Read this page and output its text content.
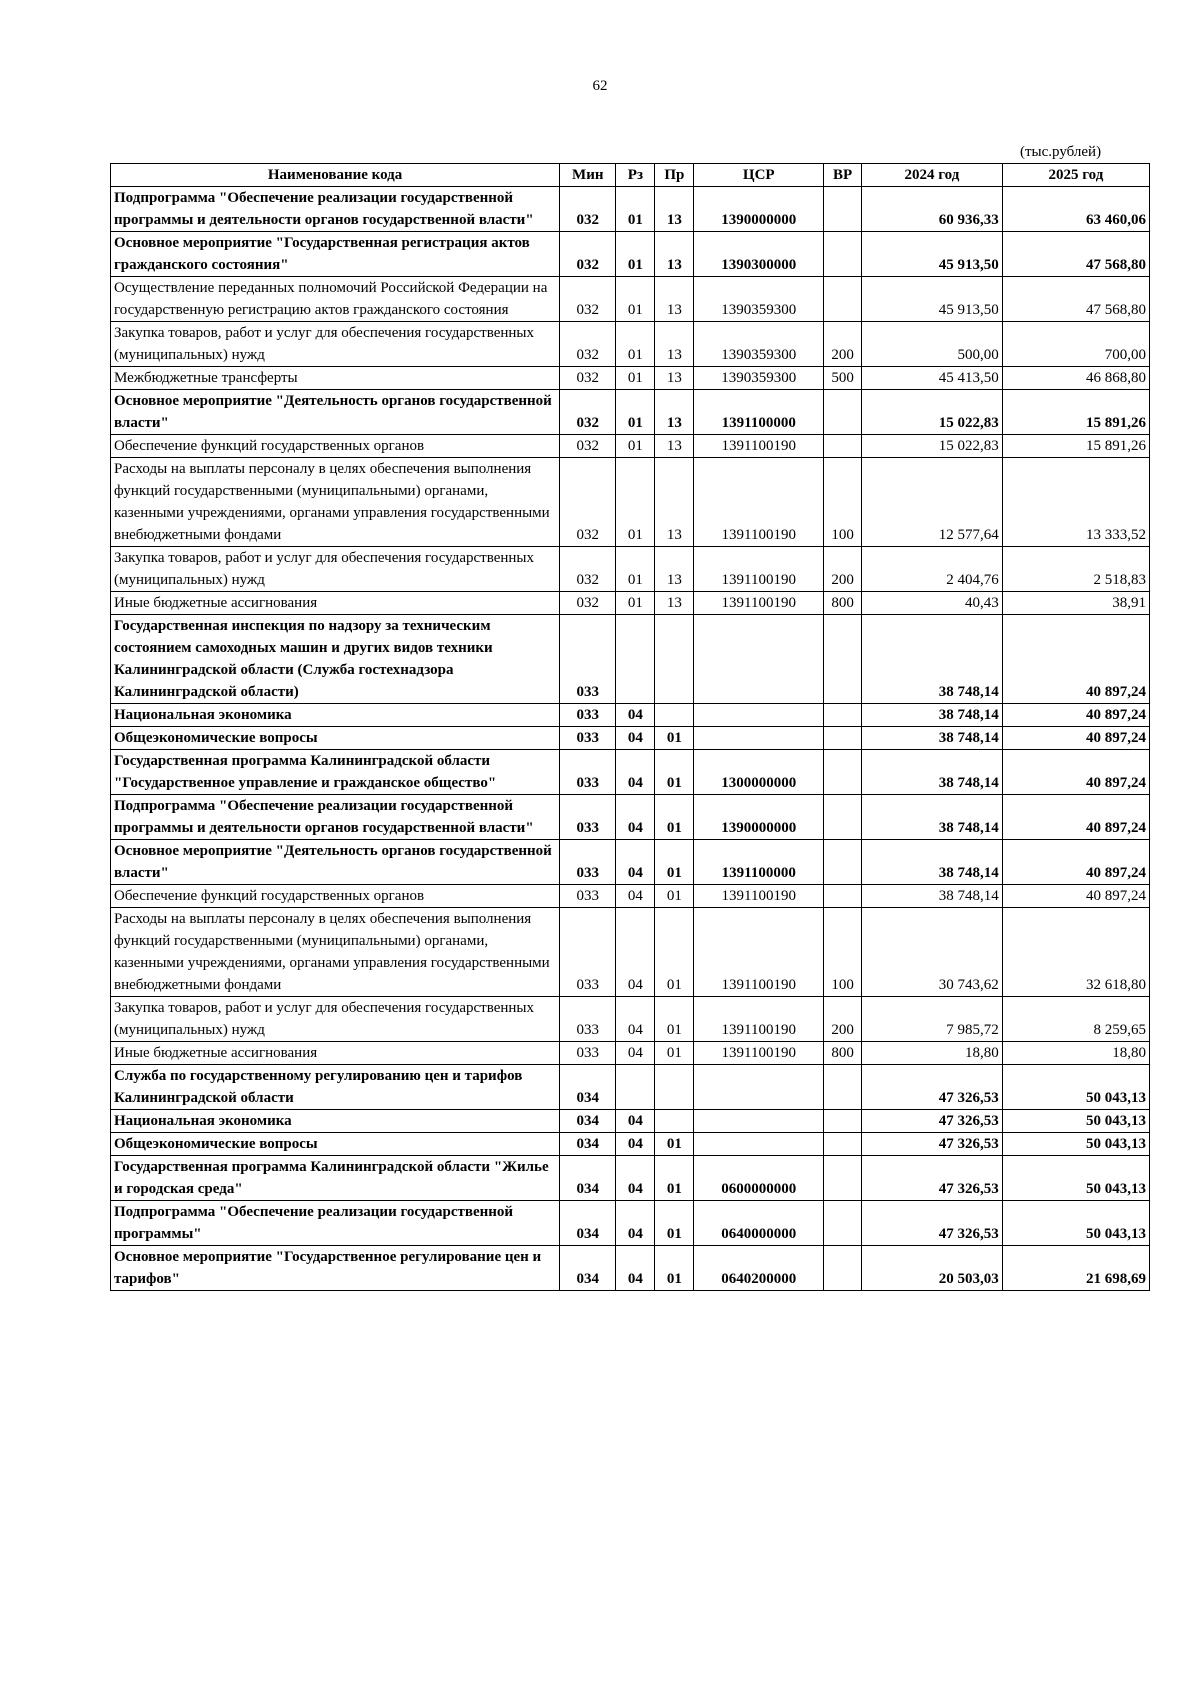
62
(тыс.рублей)
Наименование кода	Мин	Рз	Пр	ЦСР	ВР	2024 год	2025 год
Подпрограмма "Обеспечение реализации государственной программы и деятельности органов государственной власти"	032	01	13	1390000000		60 936,33	63 460,06
Основное мероприятие "Государственная регистрация актов гражданского состояния"	032	01	13	1390300000		45 913,50	47 568,80
Осуществление переданных полномочий Российской Федерации на государственную регистрацию актов гражданского состояния	032	01	13	1390359300		45 913,50	47 568,80
Закупка товаров, работ и услуг для обеспечения государственных (муниципальных) нужд	032	01	13	1390359300	200	500,00	700,00
Межбюджетные трансферты	032	01	13	1390359300	500	45 413,50	46 868,80
Основное мероприятие "Деятельность органов государственной власти"	032	01	13	1391100000		15 022,83	15 891,26
Обеспечение функций государственных органов	032	01	13	1391100190		15 022,83	15 891,26
Расходы на выплаты персоналу в целях обеспечения выполнения функций государственными (муниципальными) органами, казенными учреждениями, органами управления государственными внебюджетными фондами	032	01	13	1391100190	100	12 577,64	13 333,52
Закупка товаров, работ и услуг для обеспечения государственных (муниципальных) нужд	032	01	13	1391100190	200	2 404,76	2 518,83
Иные бюджетные ассигнования	032	01	13	1391100190	800	40,43	38,91
Государственная инспекция по надзору за техническим состоянием самоходных машин и других видов техники Калининградской области (Служба гостехнадзора Калининградской области)	033					38 748,14	40 897,24
Национальная экономика	033	04				38 748,14	40 897,24
Общеэкономические вопросы	033	04	01			38 748,14	40 897,24
Государственная программа Калининградской области "Государственное управление и гражданское общество"	033	04	01	1300000000		38 748,14	40 897,24
Подпрограмма "Обеспечение реализации государственной программы и деятельности органов государственной власти"	033	04	01	1390000000		38 748,14	40 897,24
Основное мероприятие "Деятельность органов государственной власти"	033	04	01	1391100000		38 748,14	40 897,24
Обеспечение функций государственных органов	033	04	01	1391100190		38 748,14	40 897,24
Расходы на выплаты персоналу в целях обеспечения выполнения функций государственными (муниципальными) органами, казенными учреждениями, органами управления государственными внебюджетными фондами	033	04	01	1391100190	100	30 743,62	32 618,80
Закупка товаров, работ и услуг для обеспечения государственных (муниципальных) нужд	033	04	01	1391100190	200	7 985,72	8 259,65
Иные бюджетные ассигнования	033	04	01	1391100190	800	18,80	18,80
Служба по государственному регулированию цен и тарифов Калининградской области	034					47 326,53	50 043,13
Национальная экономика	034	04				47 326,53	50 043,13
Общеэкономические вопросы	034	04	01			47 326,53	50 043,13
Государственная программа Калининградской области "Жилье и городская среда"	034	04	01	0600000000		47 326,53	50 043,13
Подпрограмма "Обеспечение реализации государственной программы"	034	04	01	0640000000		47 326,53	50 043,13
Основное мероприятие "Государственное регулирование цен и тарифов"	034	04	01	0640200000		20 503,03	21 698,69
